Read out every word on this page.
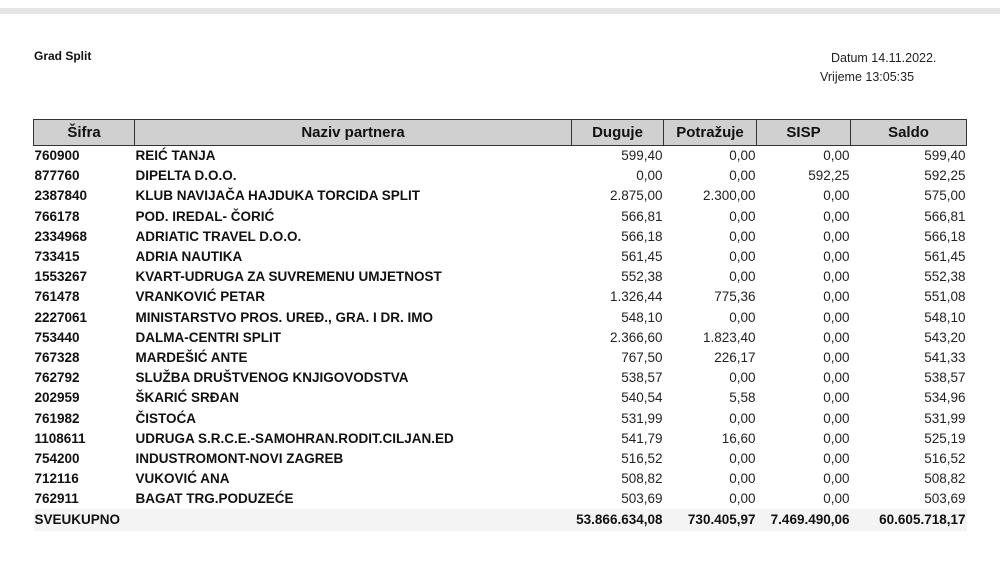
Grad Split	Datum 14.11.2022.
Vrijeme 13:05:35
Šifra	Naziv partnera	Duguje	Potražuje	SISP	Saldo
760900	REIĆ TANJA	599,40	0,00	0,00	599,40
877760	DIPELTA D.O.O.	0,00	0,00	592,25	592,25
2387840	KLUB NAVIJAČA HAJDUKA TORCIDA SPLIT	2.875,00	2.300,00	0,00	575,00
766178	POD. IREDAL- ČORIĆ	566,81	0,00	0,00	566,81
2334968	ADRIATIC TRAVEL D.O.O.	566,18	0,00	0,00	566,18
733415	ADRIA NAUTIKA	561,45	0,00	0,00	561,45
1553267	KVART-UDRUGA ZA SUVREMENU UMJETNOST	552,38	0,00	0,00	552,38
761478	VRANKOVIĆ PETAR	1.326,44	775,36	0,00	551,08
2227061	MINISTARSTVO PROS. UREĐ., GRA. I DR. IMO	548,10	0,00	0,00	548,10
753440	DALMA-CENTRI SPLIT	2.366,60	1.823,40	0,00	543,20
767328	MARDEŠIĆ ANTE	767,50	226,17	0,00	541,33
762792	SLUŽBA DRUŠTVENOG KNJIGOVODSTVA	538,57	0,00	0,00	538,57
202959	ŠKARIĆ SRĐAN	540,54	5,58	0,00	534,96
761982	ČISTOĆA	531,99	0,00	0,00	531,99
1108611	UDRUGA S.R.C.E.-SAMOHRAN.RODIT.CILJAN.ED	541,79	16,60	0,00	525,19
754200	INDUSTROMONT-NOVI ZAGREB	516,52	0,00	0,00	516,52
712116	VUKOVIĆ ANA	508,82	0,00	0,00	508,82
762911	BAGAT TRG.PODUZEĆE	503,69	0,00	0,00	503,69
SVEUKUPNO		53.866.634,08	730.405,97	7.469.490,06	60.605.718,17
